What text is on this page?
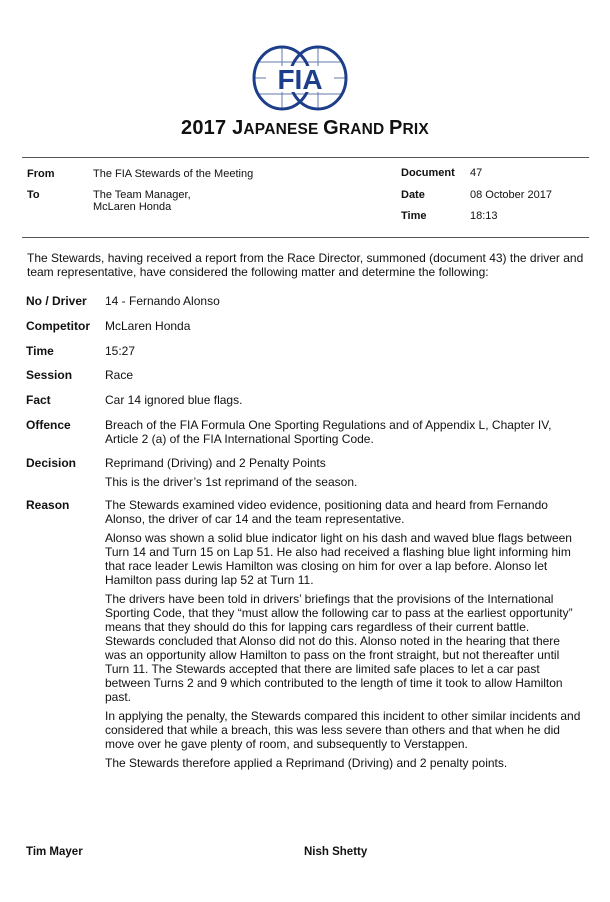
FIA
2017 JAPANESE GRAND PRIX
From	The FIA Stewards of the Meeting
To	The Team Manager,
McLaren Honda
Document 47
Date	08 October 2017
Time	18:13
The Stewards, having received a report from the Race Director, summoned (document 43) the driver and team representative, have considered the following matter and determine the following:
No / Driver 14 - Fernando Alonso
Competitor McLaren Honda
Time	15:27
Session	Race
Fact	Car 14 ignored blue flags.
Offence	Breach of the FIA Formula One Sporting Regulations and of Appendix L, Chapter IV, Article 2 (a) of the FIA International Sporting Code.
Decision Reprimand (Driving) and 2 Penalty Points
This is the driver’s 1st reprimand of the season.
Reason	The Stewards examined video evidence, positioning data and heard from Fernando Alonso, the driver of car 14 and the team representative.
Alonso was shown a solid blue indicator light on his dash and waved blue flags between Turn 14 and Turn 15 on Lap 51. He also had received a flashing blue light informing him that race leader Lewis Hamilton was closing on him for over a lap before. Alonso let Hamilton pass during lap 52 at Turn 11.
The drivers have been told in drivers’ briefings that the provisions of the International Sporting Code, that they “must allow the following car to pass at the earliest opportunity” means that they should do this for lapping cars regardless of their current battle. Stewards concluded that Alonso did not do this. Alonso noted in the hearing that there was an opportunity allow Hamilton to pass on the front straight, but not thereafter until Turn 11. The Stewards accepted that there are limited safe places to let a car past between Turns 2 and 9 which contributed to the length of time it took to allow Hamilton past.
In applying the penalty, the Stewards compared this incident to other similar incidents and considered that while a breach, this was less severe than others and that when he did move over he gave plenty of room, and subsequently to Verstappen.
The Stewards therefore applied a Reprimand (Driving) and 2 penalty points.
Tim Mayer	Nish Shetty
